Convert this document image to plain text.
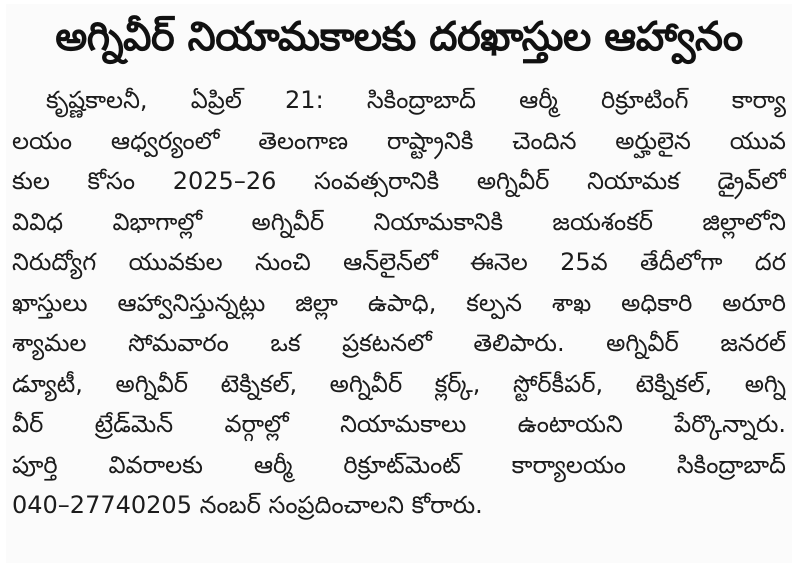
అగ్నివీర్ నియామకాలకు దరఖాస్తుల ఆహ్వానం
కృష్ణకాలనీ, ఏప్రిల్ 21: సికింద్రాబాద్ ఆర్మీ రిక్రూటింగ్ కార్యా
లయం ఆధ్వర్యంలో తెలంగాణ రాష్ట్రానికి చెందిన అర్హులైన యువ
కుల కోసం 2025–26 సంవత్సరానికి అగ్నివీర్ నియామక డ్రైవ్‌లో
వివిధ విభాగాల్లో అగ్నివీర్ నియామకానికి జయశంకర్ జిల్లాలోని
నిరుద్యోగ యువకుల నుంచి ఆన్‌లైన్‌లో ఈనెల 25వ తేదీలోగా దర
ఖాస్తులు ఆహ్వానిస్తున్నట్లు జిల్లా ఉపాధి, కల్పన శాఖ అధికారి అరూరి
శ్యామల సోమవారం ఒక ప్రకటనలో తెలిపారు. అగ్నివీర్ జనరల్
డ్యూటీ, అగ్నివీర్ టెక్నికల్, అగ్నివీర్ క్లర్క్, స్టోర్‌కీపర్, టెక్నికల్, అగ్ని
వీర్ ట్రేడ్‌మెన్ వర్గాల్లో నియామకాలు ఉంటాయని పేర్కొన్నారు.
పూర్తి వివరాలకు ఆర్మీ రిక్రూట్‌మెంట్ కార్యాలయం సికింద్రాబాద్
040–27740205 నంబర్ సంప్రదించాలని కోరారు.
